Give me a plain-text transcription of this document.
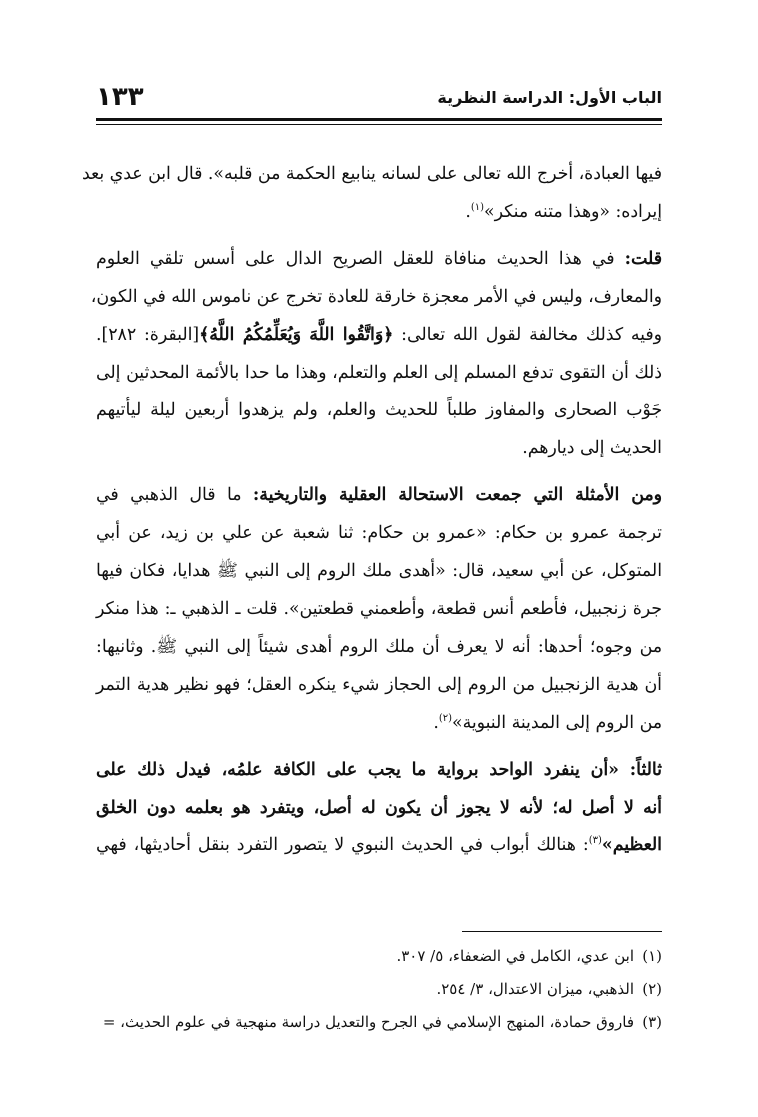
الباب الأول: الدراسة النظرية
١٣٣

فيها العبادة، أخرج الله تعالى على لسانه ينابيع الحكمة من قلبه». قال ابن عدي بعد
إيراده: «وهذا متنه منكر»$^{(١)}$.

قلت: في هذا الحديث منافاة للعقل الصريح الدال على أسس تلقي العلوم
والمعارف، وليس في الأمر معجزة خارقة للعادة تخرج عن ناموس الله في الكون،
وفيه كذلك مخالفة لقول الله تعالى: ﴿وَاتَّقُوا اللَّهَ وَيُعَلِّمُكُمُ اللَّهُ﴾[البقرة: ٢٨٢].
ذلك أن التقوى تدفع المسلم إلى العلم والتعلم، وهذا ما حدا بالأئمة المحدثين إلى
جَوْب الصحارى والمفاوز طلباً للحديث والعلم، ولم يزهدوا أربعين ليلة ليأتيهم
الحديث إلى ديارهم.

ومن الأمثلة التي جمعت الاستحالة العقلية والتاريخية: ما قال الذهبي في
ترجمة عمرو بن حكام: «عمرو بن حكام: ثنا شعبة عن علي بن زيد، عن أبي
المتوكل، عن أبي سعيد، قال: «أهدى ملك الروم إلى النبي ﷺ هدايا، فكان فيها
جرة زنجبيل، فأطعم أنس قطعة، وأطعمني قطعتين». قلت ـ الذهبي ـ: هذا منكر
من وجوه؛ أحدها: أنه لا يعرف أن ملك الروم أهدى شيئاً إلى النبي ﷺ. وثانيها:
أن هدية الزنجبيل من الروم إلى الحجاز شيء ينكره العقل؛ فهو نظير هدية التمر
من الروم إلى المدينة النبوية»$^{(٢)}$.

ثالثاً: «أن ينفرد الواحد برواية ما يجب على الكافة علمُه، فيدل ذلك على
أنه لا أصل له؛ لأنه لا يجوز أن يكون له أصل، ويتفرد هو بعلمه دون الخلق
العظيم»$^{(٣)}$: هنالك أبواب في الحديث النبوي لا يتصور التفرد بنقل أحاديثها، فهي

(١)ابن عدي، الكامل في الضعفاء، ٥/ ٣٠٧.
(٢)الذهبي، ميزان الاعتدال، ٣/ ٢٥٤.
(٣)فاروق حمادة، المنهج الإسلامي في الجرح والتعديل دراسة منهجية في علوم الحديث، =
